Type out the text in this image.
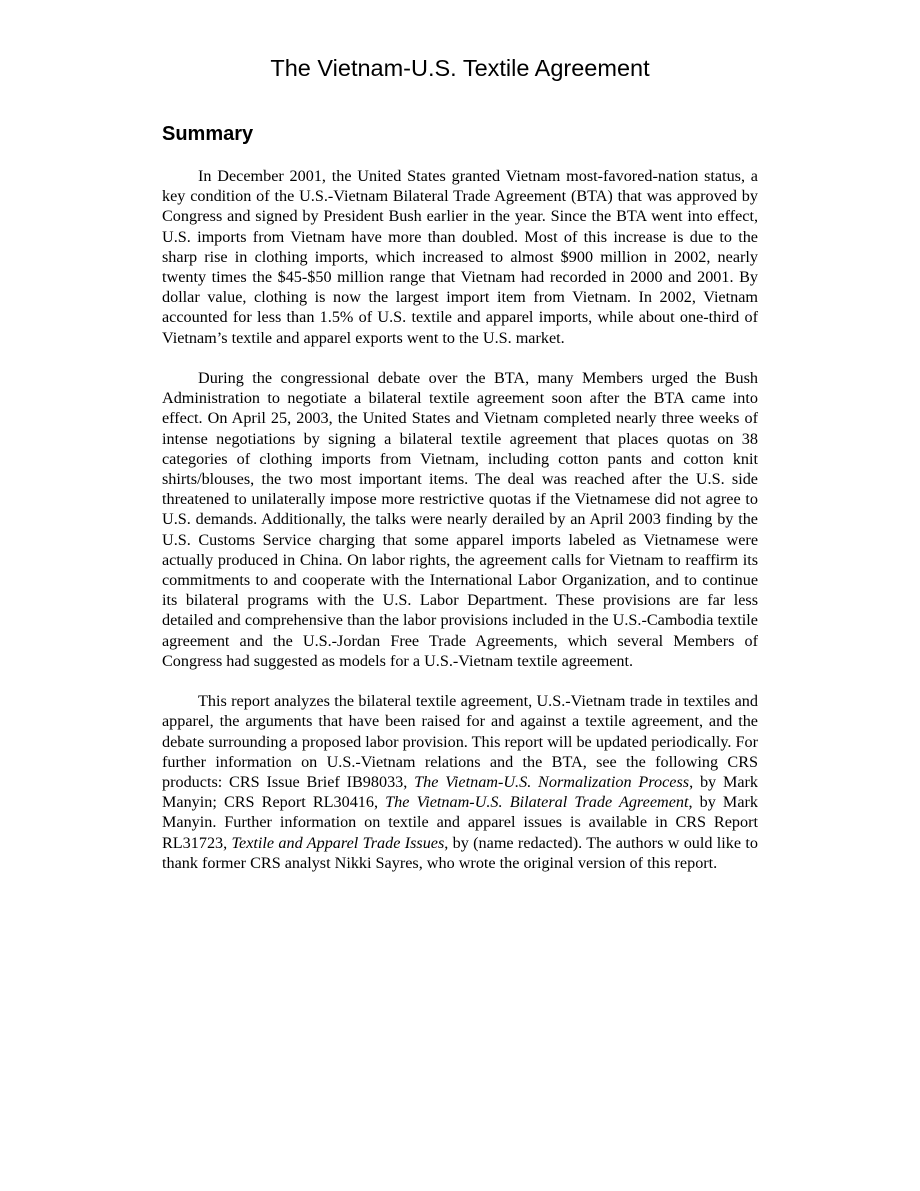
The Vietnam-U.S. Textile Agreement
Summary

In December 2001, the United States granted Vietnam most-favored-nation status, a key condition of the U.S.-Vietnam Bilateral Trade Agreement (BTA) that was approved by Congress and signed by President Bush earlier in the year. Since the BTA went into effect, U.S. imports from Vietnam have more than doubled. Most of this increase is due to the sharp rise in clothing imports, which increased to almost $900 million in 2002, nearly twenty times the $45-$50 million range that Vietnam had recorded in 2000 and 2001. By dollar value, clothing is now the largest import item from Vietnam. In 2002, Vietnam accounted for less than 1.5% of U.S. textile and apparel imports, while about one-third of Vietnam’s textile and apparel exports went to the U.S. market.

During the congressional debate over the BTA, many Members urged the Bush Administration to negotiate a bilateral textile agreement soon after the BTA came into effect. On April 25, 2003, the United States and Vietnam completed nearly three weeks of intense negotiations by signing a bilateral textile agreement that places quotas on 38 categories of clothing imports from Vietnam, including cotton pants and cotton knit shirts/blouses, the two most important items. The deal was reached after the U.S. side threatened to unilaterally impose more restrictive quotas if the Vietnamese did not agree to U.S. demands. Additionally, the talks were nearly derailed by an April 2003 finding by the U.S. Customs Service charging that some apparel imports labeled as Vietnamese were actually produced in China. On labor rights, the agreement calls for Vietnam to reaffirm its commitments to and cooperate with the International Labor Organization, and to continue its bilateral programs with the U.S. Labor Department. These provisions are far less detailed and comprehensive than the labor provisions included in the U.S.-Cambodia textile agreement and the U.S.-Jordan Free Trade Agreements, which several Members of Congress had suggested as models for a U.S.-Vietnam textile agreement.

This report analyzes the bilateral textile agreement, U.S.-Vietnam trade in textiles and apparel, the arguments that have been raised for and against a textile agreement, and the debate surrounding a proposed labor provision. This report will be updated periodically. For further information on U.S.-Vietnam relations and the BTA, see the following CRS products: CRS Issue Brief IB98033, The Vietnam-U.S. Normalization Process, by Mark Manyin; CRS Report RL30416, The Vietnam-U.S. Bilateral Trade Agreement, by Mark Manyin. Further information on textile and apparel issues is available in CRS Report RL31723, Textile and Apparel Trade Issues, by (name redacted). The authors w ould like to thank former CRS analyst Nikki Sayres, who wrote the original version of this report.
